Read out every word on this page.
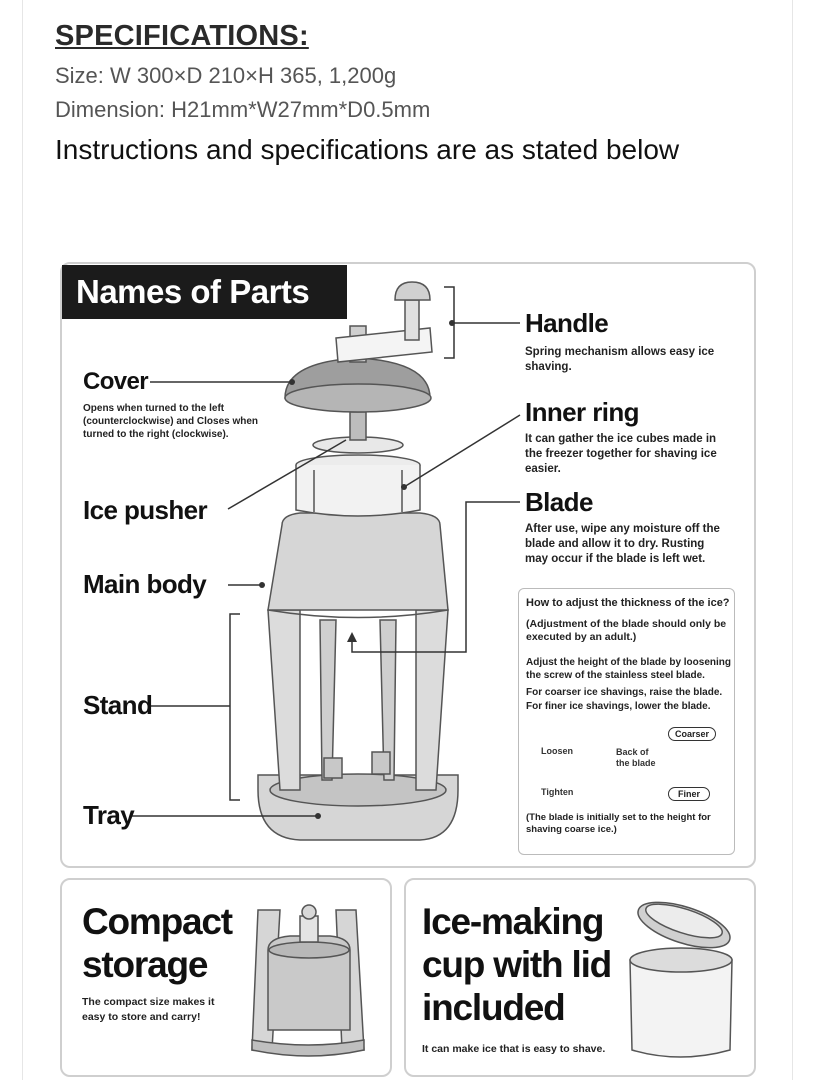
SPECIFICATIONS:
Size: W 300×D 210×H 365, 1,200g
Dimension: H21mm*W27mm*D0.5mm
Instructions and specifications are as stated below
Names of Parts
Cover
Opens when turned to the left (counterclockwise) and Closes when turned to the right (clockwise).
Ice pusher
Main body
Stand
Tray
Handle
Spring mechanism allows easy ice shaving.
Inner ring
It can gather the ice cubes made in the freezer together for shaving ice easier.
Blade
After use, wipe any moisture off the blade and allow it to dry. Rusting may occur if the blade is left wet.
How to adjust the thickness of the ice?
(Adjustment of the blade should only be executed by an adult.)
Adjust the height of the blade by loosening the screw of the stainless steel blade.
For coarser ice shavings, raise the blade.
For finer ice shavings, lower the blade.
Loosen
Tighten
Back of the blade
Coarser
Finer
(The blade is initially set to the height for shaving coarse ice.)
Compact storage
The compact size makes it easy to store and carry!
Ice-making cup with lid included
It can make ice that is easy to shave.
